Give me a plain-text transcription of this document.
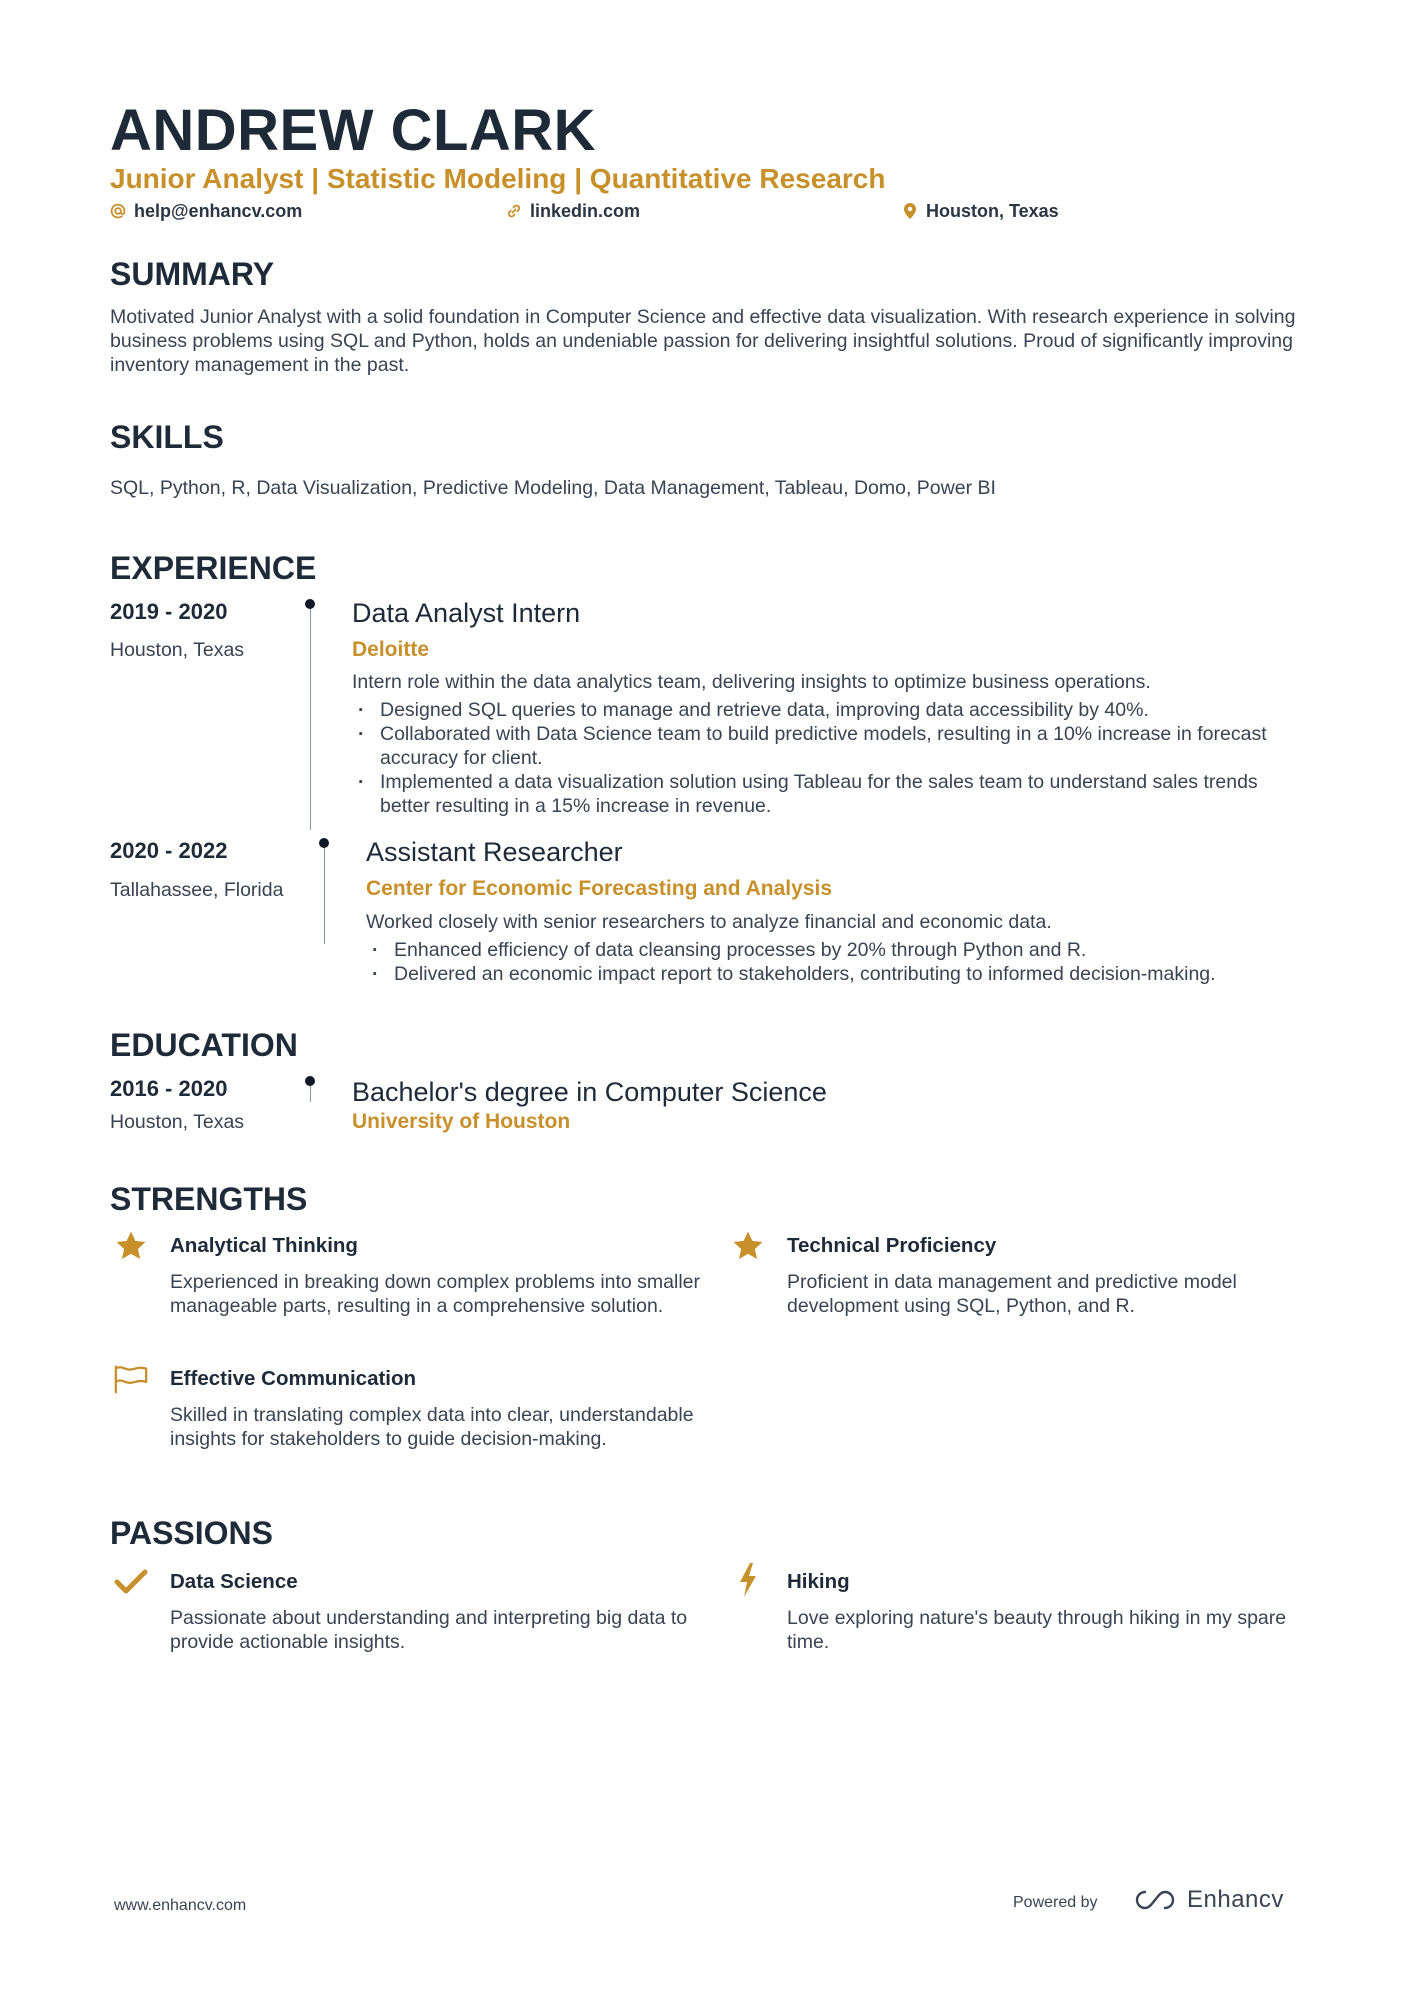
ANDREW CLARK
Junior Analyst | Statistic Modeling | Quantitative Research
help@enhancv.com	linkedin.com	Houston, Texas
SUMMARY
Motivated Junior Analyst with a solid foundation in Computer Science and effective data visualization. With research experience in solving business problems using SQL and Python, holds an undeniable passion for delivering insightful solutions. Proud of significantly improving inventory management in the past.
SKILLS
SQL, Python, R, Data Visualization, Predictive Modeling, Data Management, Tableau, Domo, Power BI
EXPERIENCE
2019 - 2020
Houston, Texas
Data Analyst Intern
Deloitte
Intern role within the data analytics team, delivering insights to optimize business operations.
· Designed SQL queries to manage and retrieve data, improving data accessibility by 40%.
· Collaborated with Data Science team to build predictive models, resulting in a 10% increase in forecast accuracy for client.
· Implemented a data visualization solution using Tableau for the sales team to understand sales trends better resulting in a 15% increase in revenue.
2020 - 2022
Tallahassee, Florida
Assistant Researcher
Center for Economic Forecasting and Analysis
Worked closely with senior researchers to analyze financial and economic data.
· Enhanced efficiency of data cleansing processes by 20% through Python and R.
· Delivered an economic impact report to stakeholders, contributing to informed decision-making.
EDUCATION
2016 - 2020
Houston, Texas
Bachelor's degree in Computer Science
University of Houston
STRENGTHS
Analytical Thinking
Experienced in breaking down complex problems into smaller manageable parts, resulting in a comprehensive solution.
Technical Proficiency
Proficient in data management and predictive model development using SQL, Python, and R.
Effective Communication
Skilled in translating complex data into clear, understandable insights for stakeholders to guide decision-making.
PASSIONS
Data Science
Passionate about understanding and interpreting big data to provide actionable insights.
Hiking
Love exploring nature's beauty through hiking in my spare time.
www.enhancv.com	Powered by	Enhancv
